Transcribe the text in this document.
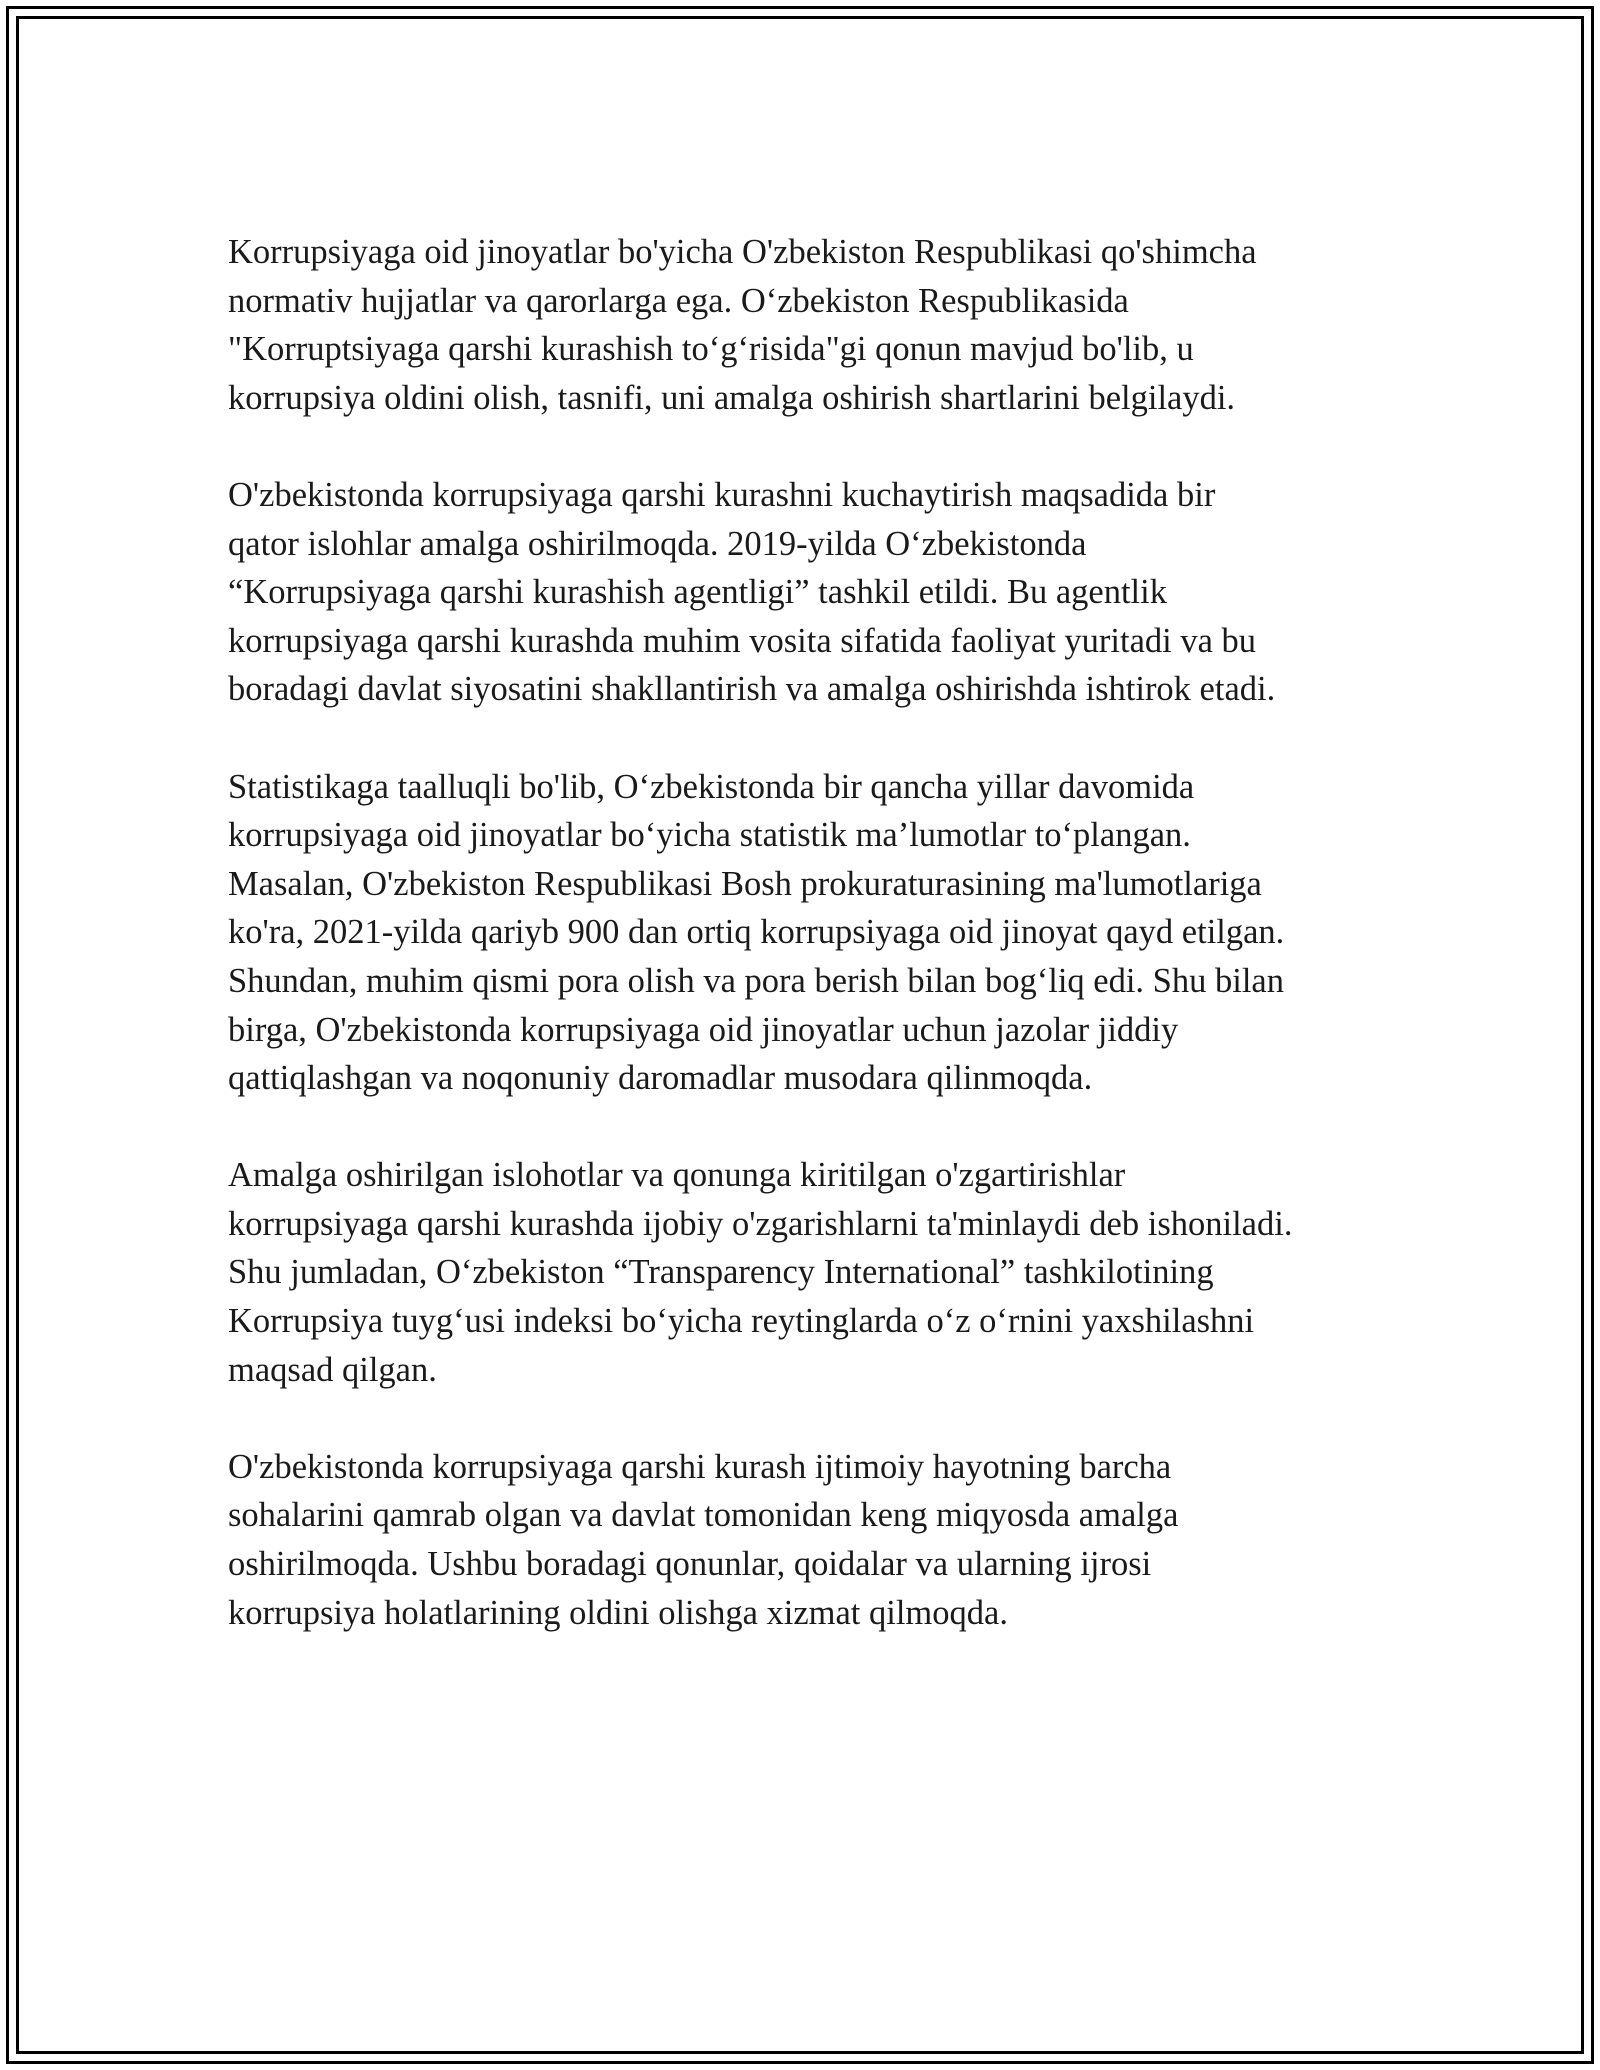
Korrupsiyaga oid jinoyatlar bo'yicha O'zbekiston Respublikasi qo'shimcha
normativ hujjatlar va qarorlarga ega. O‘zbekiston Respublikasida
"Korruptsiyaga qarshi kurashish to‘g‘risida"gi qonun mavjud bo'lib, u
korrupsiya oldini olish, tasnifi, uni amalga oshirish shartlarini belgilaydi.

O'zbekistonda korrupsiyaga qarshi kurashni kuchaytirish maqsadida bir
qator islohlar amalga oshirilmoqda. 2019-yilda O‘zbekistonda
“Korrupsiyaga qarshi kurashish agentligi” tashkil etildi. Bu agentlik
korrupsiyaga qarshi kurashda muhim vosita sifatida faoliyat yuritadi va bu
boradagi davlat siyosatini shakllantirish va amalga oshirishda ishtirok etadi.

Statistikaga taalluqli bo'lib, O‘zbekistonda bir qancha yillar davomida
korrupsiyaga oid jinoyatlar bo‘yicha statistik ma’lumotlar to‘plangan.
Masalan, O'zbekiston Respublikasi Bosh prokuraturasining ma'lumotlariga
ko'ra, 2021-yilda qariyb 900 dan ortiq korrupsiyaga oid jinoyat qayd etilgan.
Shundan, muhim qismi pora olish va pora berish bilan bog‘liq edi. Shu bilan
birga, O'zbekistonda korrupsiyaga oid jinoyatlar uchun jazolar jiddiy
qattiqlashgan va noqonuniy daromadlar musodara qilinmoqda.

Amalga oshirilgan islohotlar va qonunga kiritilgan o'zgartirishlar
korrupsiyaga qarshi kurashda ijobiy o'zgarishlarni ta'minlaydi deb ishoniladi.
Shu jumladan, O‘zbekiston “Transparency International” tashkilotining
Korrupsiya tuyg‘usi indeksi bo‘yicha reytinglarda o‘z o‘rnini yaxshilashni
maqsad qilgan.

O'zbekistonda korrupsiyaga qarshi kurash ijtimoiy hayotning barcha
sohalarini qamrab olgan va davlat tomonidan keng miqyosda amalga
oshirilmoqda. Ushbu boradagi qonunlar, qoidalar va ularning ijrosi
korrupsiya holatlarining oldini olishga xizmat qilmoqda.
